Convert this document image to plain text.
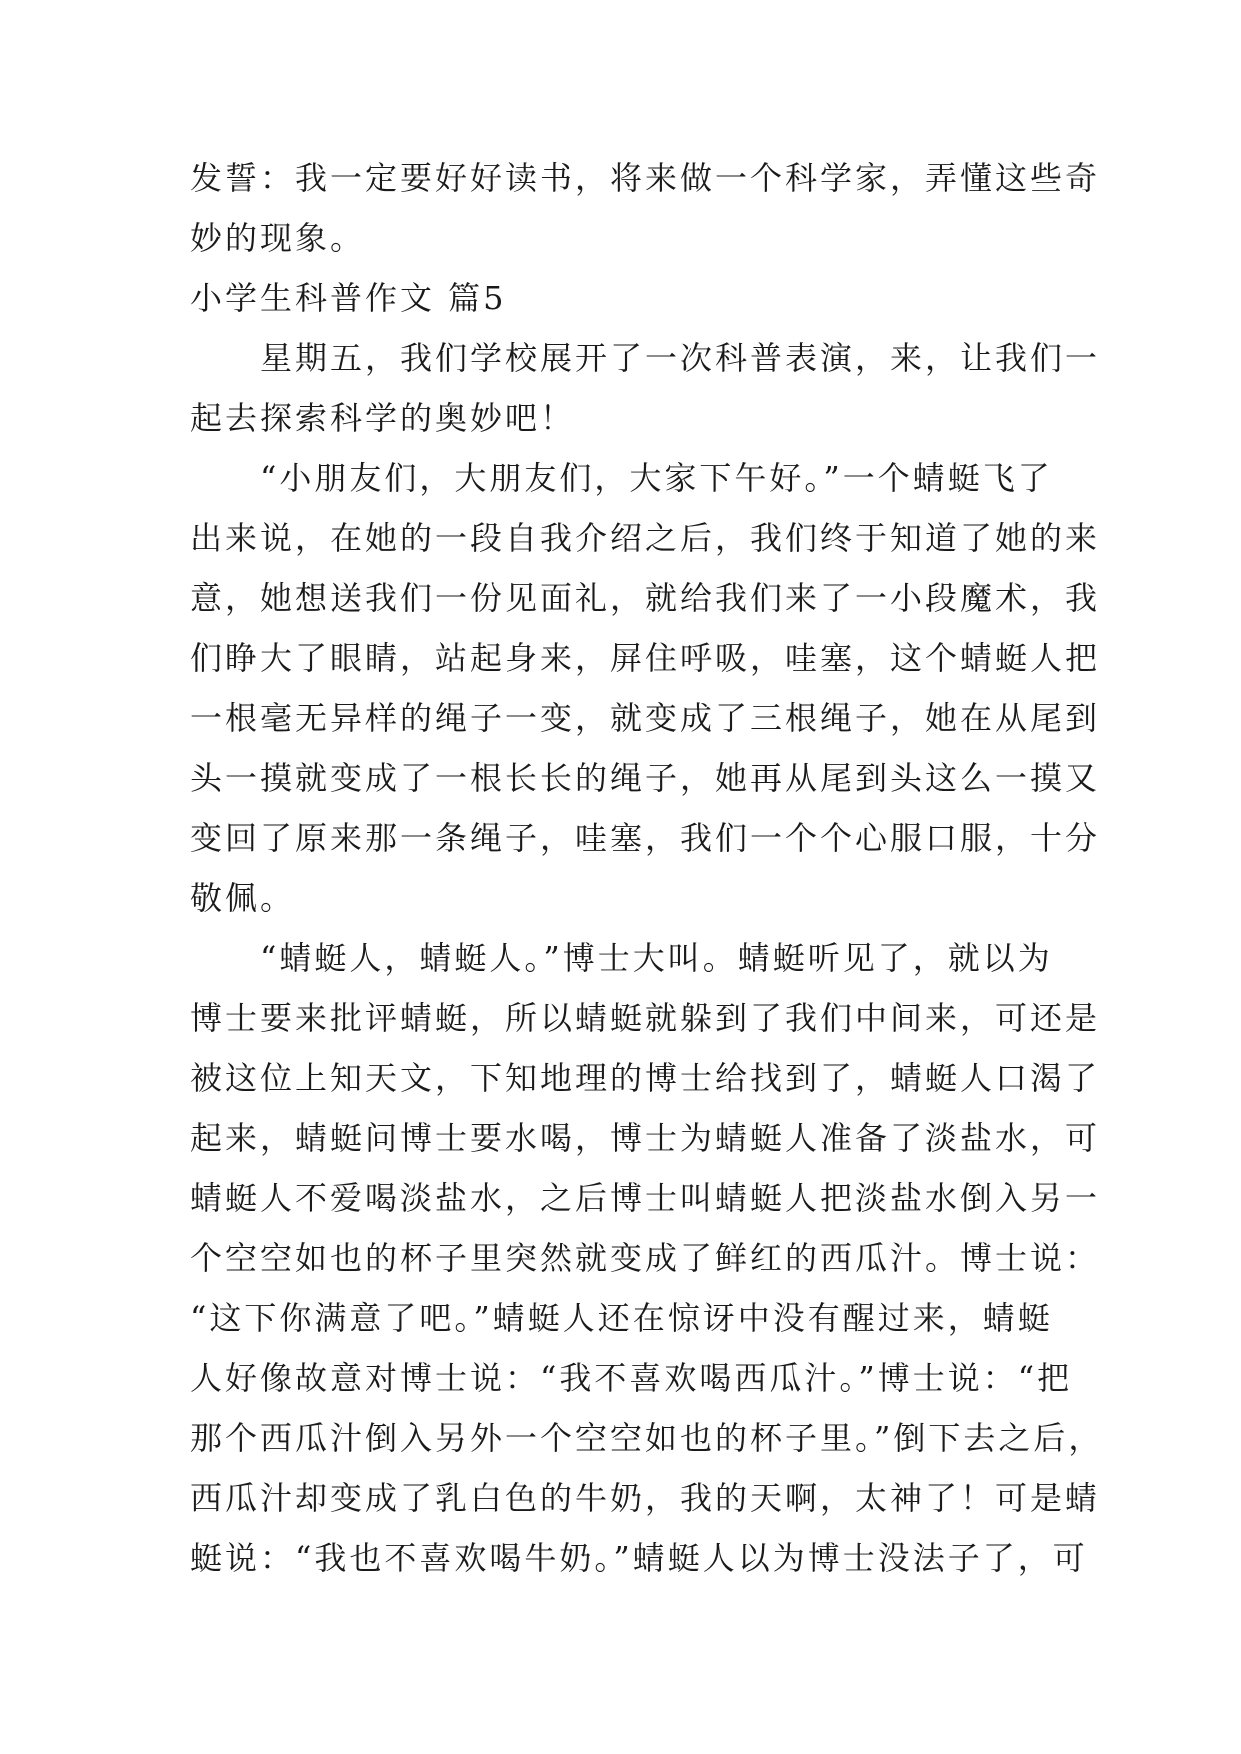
发誓：我一定要好好读书，将来做一个科学家，弄懂这些奇
妙的现象。
小学生科普作文 篇5
　　星期五，我们学校展开了一次科普表演，来，让我们一
起去探索科学的奥妙吧！
　　“小朋友们，大朋友们，大家下午好。”一个蜻蜓飞了
出来说，在她的一段自我介绍之后，我们终于知道了她的来
意，她想送我们一份见面礼，就给我们来了一小段魔术，我
们睁大了眼睛，站起身来，屏住呼吸，哇塞，这个蜻蜓人把
一根毫无异样的绳子一变，就变成了三根绳子，她在从尾到
头一摸就变成了一根长长的绳子，她再从尾到头这么一摸又
变回了原来那一条绳子，哇塞，我们一个个心服口服，十分
敬佩。
　　“蜻蜓人，蜻蜓人。”博士大叫。蜻蜓听见了，就以为
博士要来批评蜻蜓，所以蜻蜓就躲到了我们中间来，可还是
被这位上知天文，下知地理的博士给找到了，蜻蜓人口渴了
起来，蜻蜓问博士要水喝，博士为蜻蜓人准备了淡盐水，可
蜻蜓人不爱喝淡盐水，之后博士叫蜻蜓人把淡盐水倒入另一
个空空如也的杯子里突然就变成了鲜红的西瓜汁。博士说：
“这下你满意了吧。”蜻蜓人还在惊讶中没有醒过来，蜻蜓
人好像故意对博士说：“我不喜欢喝西瓜汁。”博士说：“把
那个西瓜汁倒入另外一个空空如也的杯子里。”倒下去之后，
西瓜汁却变成了乳白色的牛奶，我的天啊，太神了！可是蜻
蜓说：“我也不喜欢喝牛奶。”蜻蜓人以为博士没法子了，可
